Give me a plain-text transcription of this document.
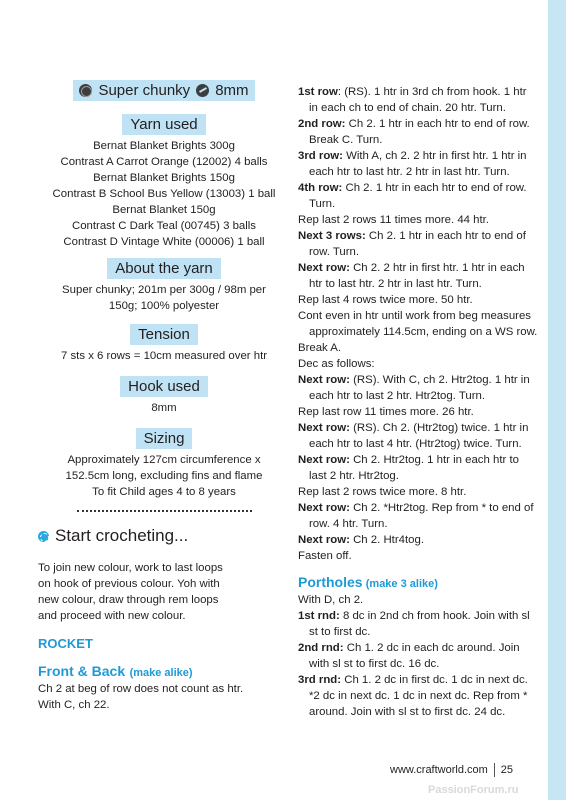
Super chunky 8mm
Yarn used
Bernat Blanket Brights 300g
Contrast A Carrot Orange (12002) 4 balls
Bernat Blanket Brights 150g
Contrast B School Bus Yellow (13003) 1 ball
Bernat Blanket 150g
Contrast C Dark Teal (00745) 3 balls
Contrast D Vintage White (00006) 1 ball
About the yarn
Super chunky; 201m per 300g / 98m per
150g; 100% polyester
Tension
7 sts x 6 rows = 10cm measured over htr
Hook used
8mm
Sizing
Approximately 127cm circumference x
152.5cm long, excluding fins and flame
To fit Child ages 4 to 8 years
Start crocheting...
To join new colour, work to last loops
on hook of previous colour. Yoh with
new colour, draw through rem loops
and proceed with new colour.
ROCKET
Front & Back (make alike)
Ch 2 at beg of row does not count as htr.
With C, ch 22.
1st row: (RS). 1 htr in 3rd ch from hook. 1 htr in each ch to end of chain. 20 htr. Turn.
2nd row: Ch 2. 1 htr in each htr to end of row. Break C. Turn.
3rd row: With A, ch 2. 2 htr in first htr. 1 htr in each htr to last htr. 2 htr in last htr. Turn.
4th row: Ch 2. 1 htr in each htr to end of row. Turn.
Rep last 2 rows 11 times more. 44 htr.
Next 3 rows: Ch 2. 1 htr in each htr to end of row. Turn.
Next row: Ch 2. 2 htr in first htr. 1 htr in each htr to last htr. 2 htr in last htr. Turn.
Rep last 4 rows twice more. 50 htr.
Cont even in htr until work from beg measures approximately 114.5cm, ending on a WS row.
Break A.
Dec as follows:
Next row: (RS). With C, ch 2. Htr2tog. 1 htr in each htr to last 2 htr. Htr2tog. Turn.
Rep last row 11 times more. 26 htr.
Next row: (RS). Ch 2. (Htr2tog) twice. 1 htr in each htr to last 4 htr. (Htr2tog) twice. Turn.
Next row: Ch 2. Htr2tog. 1 htr in each htr to last 2 htr. Htr2tog.
Rep last 2 rows twice more. 8 htr.
Next row: Ch 2. *Htr2tog. Rep from * to end of row. 4 htr. Turn.
Next row: Ch 2. Htr4tog.
Fasten off.
Portholes (make 3 alike)
With D, ch 2.
1st rnd: 8 dc in 2nd ch from hook. Join with sl st to first dc.
2nd rnd: Ch 1. 2 dc in each dc around. Join with sl st to first dc. 16 dc.
3rd rnd: Ch 1. 2 dc in first dc. 1 dc in next dc. *2 dc in next dc. 1 dc in next dc. Rep from * around. Join with sl st to first dc. 24 dc.
www.craftworld.com 25
PassionForum.ru
